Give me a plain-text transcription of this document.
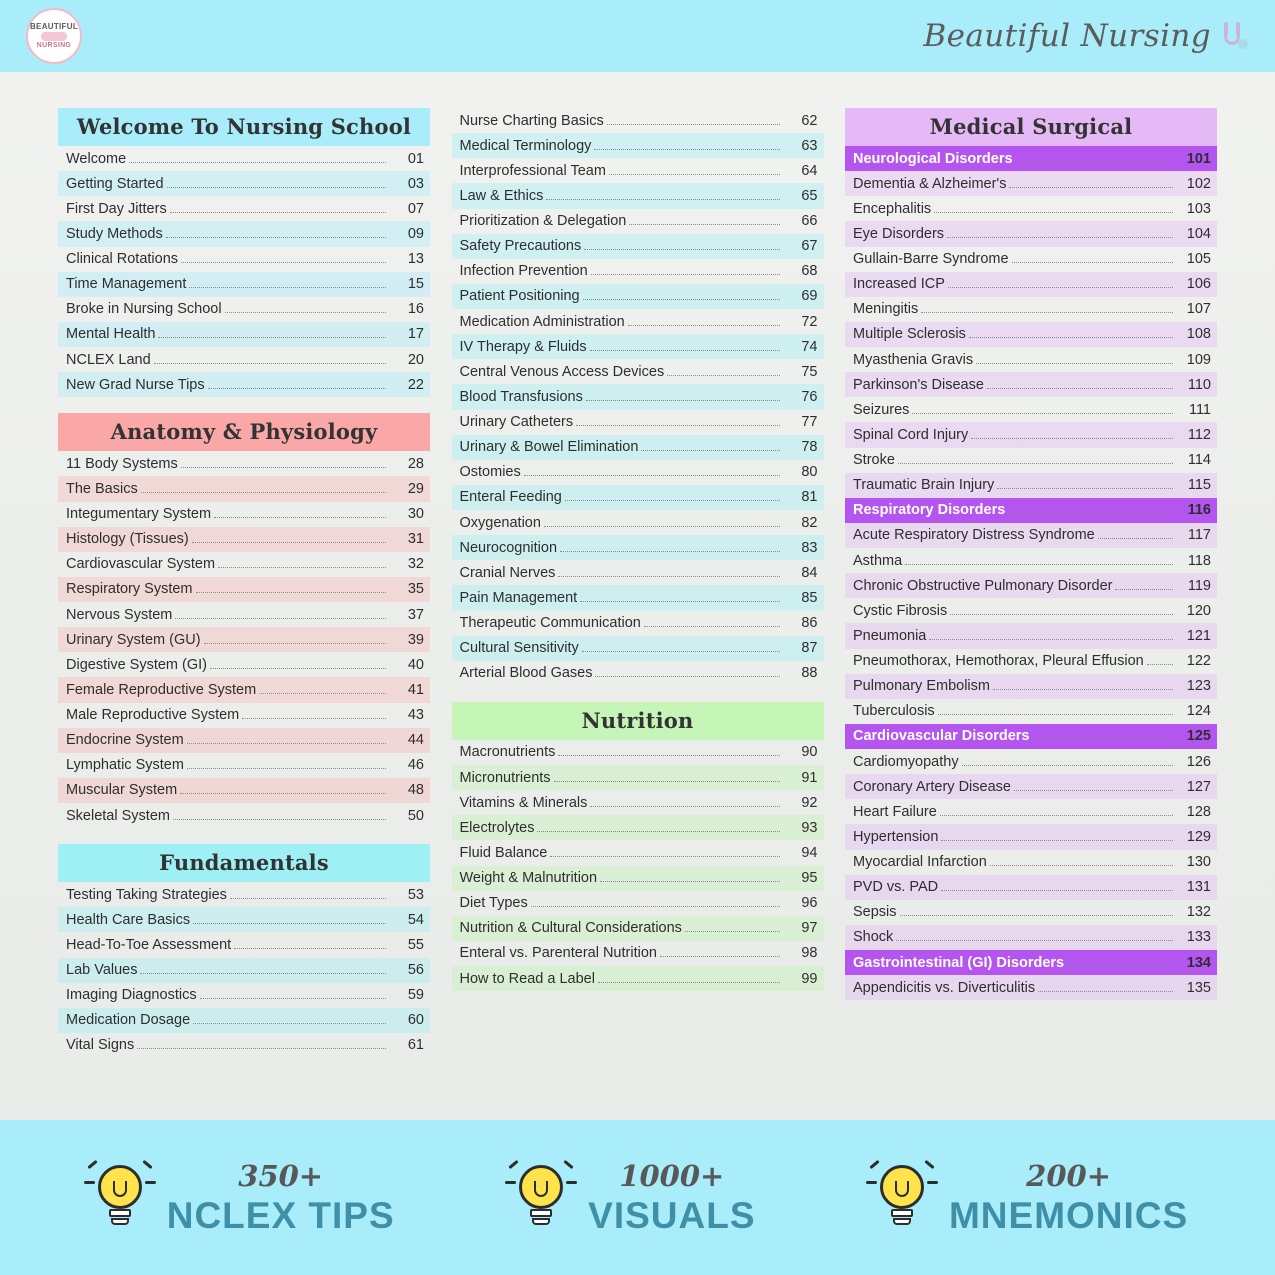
BEAUTIFUL
NURSING	Beautiful Nursing
Welcome To Nursing School
Welcome	01
Getting Started	03
First Day Jitters	07
Study Methods	09
Clinical Rotations	13
Time Management	15
Broke in Nursing School	16
Mental Health	17
NCLEX Land	20
New Grad Nurse Tips	22
Anatomy & Physiology
11 Body Systems	28
The Basics	29
Integumentary System	30
Histology (Tissues)	31
Cardiovascular System	32
Respiratory System	35
Nervous System	37
Urinary System (GU)	39
Digestive System (GI)	40
Female Reproductive System	41
Male Reproductive System	43
Endocrine System	44
Lymphatic System	46
Muscular System	48
Skeletal System	50
Fundamentals
Testing Taking Strategies	53
Health Care Basics	54
Head-To-Toe Assessment	55
Lab Values	56
Imaging Diagnostics	59
Medication Dosage	60
Vital Signs	61
Nurse Charting Basics	62
Medical Terminology	63
Interprofessional Team	64
Law & Ethics	65
Prioritization & Delegation	66
Safety Precautions	67
Infection Prevention	68
Patient Positioning	69
Medication Administration	72
IV Therapy & Fluids	74
Central Venous Access Devices	75
Blood Transfusions	76
Urinary Catheters	77
Urinary & Bowel Elimination	78
Ostomies	80
Enteral Feeding	81
Oxygenation	82
Neurocognition	83
Cranial Nerves	84
Pain Management	85
Therapeutic Communication	86
Cultural Sensitivity	87
Arterial Blood Gases	88
Nutrition
Macronutrients	90
Micronutrients	91
Vitamins & Minerals	92
Electrolytes	93
Fluid Balance	94
Weight & Malnutrition	95
Diet Types	96
Nutrition & Cultural Considerations	97
Enteral vs. Parenteral Nutrition	98
How to Read a Label	99
Medical Surgical
Neurological Disorders	101
Dementia & Alzheimer's	102
Encephalitis	103
Eye Disorders	104
Gullain-Barre Syndrome	105
Increased ICP	106
Meningitis	107
Multiple Sclerosis	108
Myasthenia Gravis	109
Parkinson's Disease	110
Seizures	111
Spinal Cord Injury	112
Stroke	114
Traumatic Brain Injury	115
Respiratory Disorders	116
Acute Respiratory Distress Syndrome	117
Asthma	118
Chronic Obstructive Pulmonary Disorder	119
Cystic Fibrosis	120
Pneumonia	121
Pneumothorax, Hemothorax, Pleural Effusion	122
Pulmonary Embolism	123
Tuberculosis	124
Cardiovascular Disorders	125
Cardiomyopathy	126
Coronary Artery Disease	127
Heart Failure	128
Hypertension	129
Myocardial Infarction	130
PVD vs. PAD	131
Sepsis	132
Shock	133
Gastrointestinal (GI) Disorders	134
Appendicitis vs. Diverticulitis	135
350+
NCLEX TIPS
1000+
VISUALS
200+
MNEMONICS
